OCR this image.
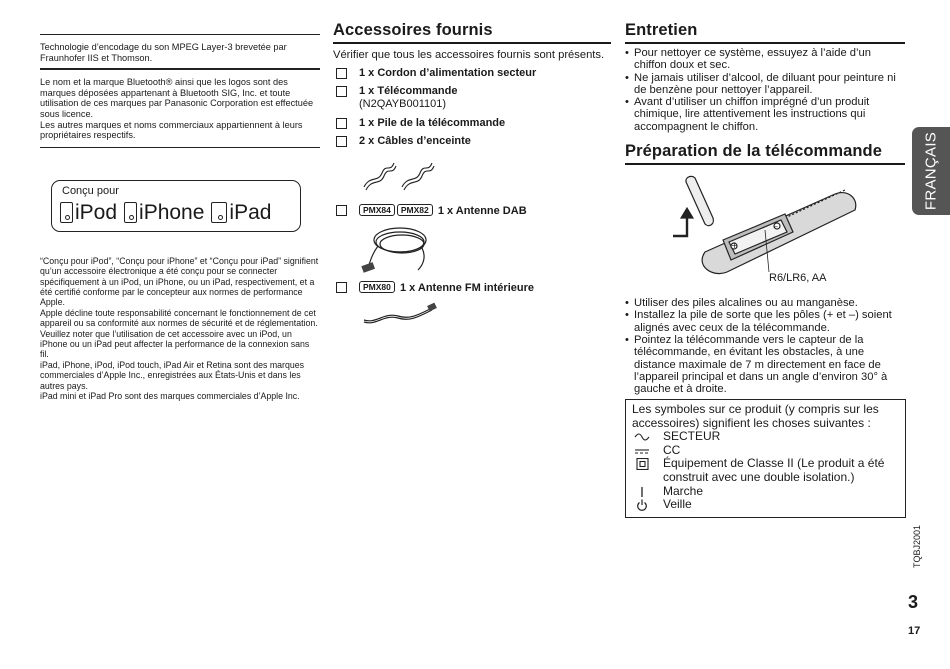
Technologie d’encodage du son MPEG Layer-3 brevetée par Fraunhofer IIS et Thomson.

Le nom et la marque Bluetooth® ainsi que les logos sont des marques déposées appartenant à Bluetooth SIG, Inc. et toute utilisation de ces marques par Panasonic Corporation est effectuée sous licence.

Les autres marques et noms commerciaux appartiennent à leurs propriétaires respectifs.

Conçu pour
iPod iPhone iPad

“Conçu pour iPod”, “Conçu pour iPhone” et “Conçu pour iPad” signifient qu’un accessoire électronique a été conçu pour se connecter spécifiquement à un iPod, un iPhone, ou un iPad, respectivement, et a été certifié conforme par le concepteur aux normes de performance Apple.

Apple décline toute responsabilité concernant le fonctionnement de cet appareil ou sa conformité aux normes de sécurité et de réglementation.

Veuillez noter que l’utilisation de cet accessoire avec un iPod, un iPhone ou un iPad peut affecter la performance de la connexion sans fil.

iPad, iPhone, iPod, iPod touch, iPad Air et Retina sont des marques commerciales d’Apple Inc., enregistrées aux États-Unis et dans les autres pays.

iPad mini et iPad Pro sont des marques commerciales d’Apple Inc.

Accessoires fournis
Vérifier que tous les accessoires fournis sont présents.
1 x Cordon d’alimentation secteur
1 x Télécommande
(N2QAYB001101)
1 x Pile de la télécommande
2 x Câbles d’enceinte
PMX84 PMX82 1 x Antenne DAB
PMX80 1 x Antenne FM intérieure
Entretien
• Pour nettoyer ce système, essuyez à l’aide d’un chiffon doux et sec.
• Ne jamais utiliser d’alcool, de diluant pour peinture ni de benzène pour nettoyer l’appareil.
• Avant d’utiliser un chiffon imprégné d’un produit chimique, lire attentivement les instructions qui accompagnent le chiffon.
Préparation de la télécommande
• Utiliser des piles alcalines ou au manganèse.
• Installez la pile de sorte que les pôles (+ et –) soient alignés avec ceux de la télécommande.
• Pointez la télécommande vers le capteur de la télécommande, en évitant les obstacles, à une distance maximale de 7 m directement en face de l’appareil principal et dans un angle d’environ 30° à gauche et à droite.
+
–
R6/LR6, AA
Les symboles sur ce produit (y compris sur les accessoires) signifient les choses suivantes :
SECTEUR
CC
Équipement de Classe II (Le produit a été construit avec une double isolation.)
Marche
Veille
FRANÇAIS
TQBJ2001
3
17
